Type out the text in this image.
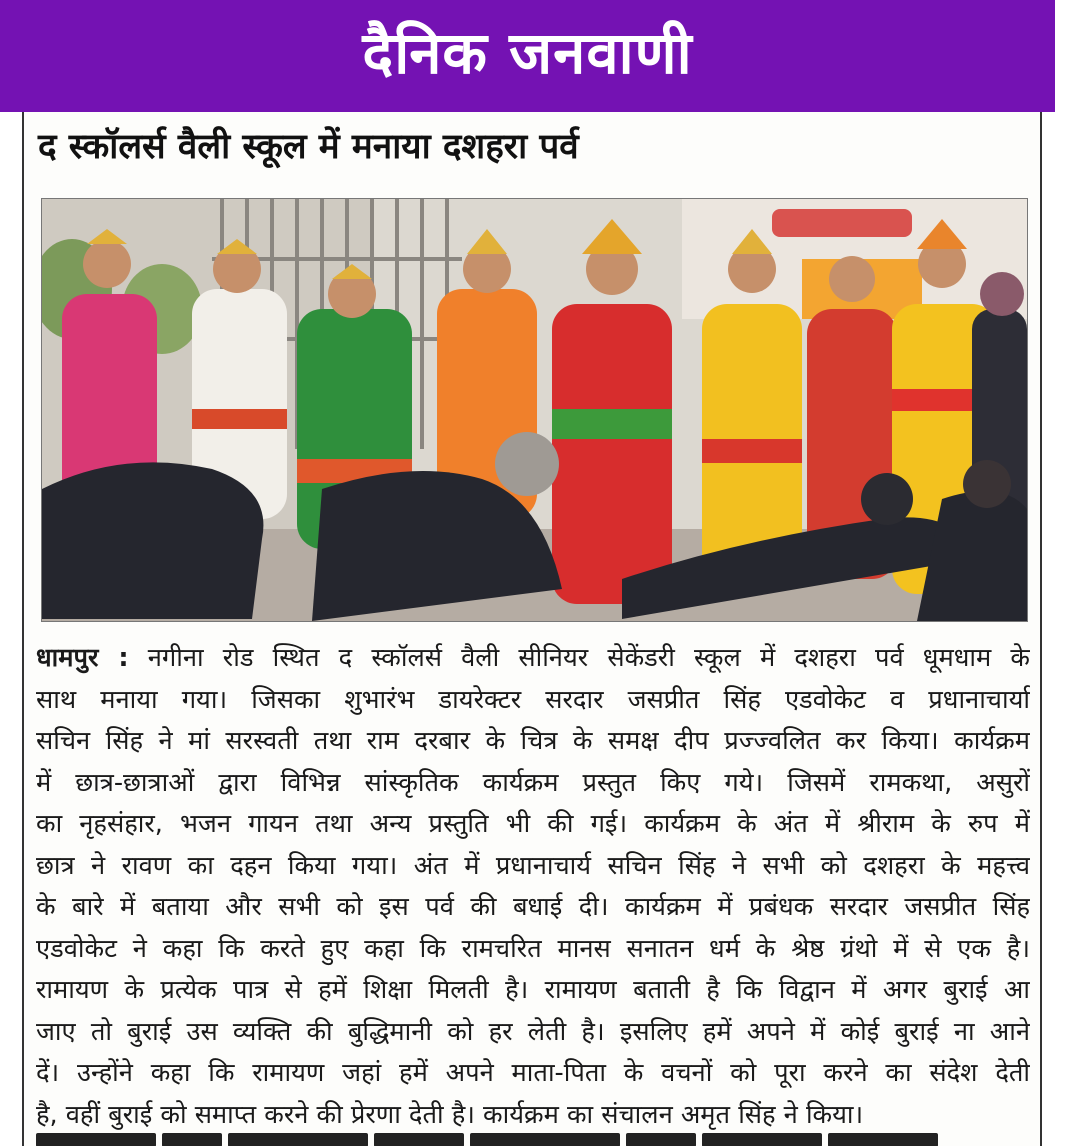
दैनिक जनवाणी
द स्कॉलर्स वैली स्कूल में मनाया दशहरा पर्व
धामपुर : नगीना रोड स्थित द स्कॉलर्स वैली सीनियर सेकेंडरी स्कूल में दशहरा पर्व धूमधाम के
साथ मनाया गया। जिसका शुभारंभ डायरेक्टर सरदार जसप्रीत सिंह एडवोकेट व प्रधानाचार्या
सचिन सिंह ने मां सरस्वती तथा राम दरबार के चित्र के समक्ष दीप प्रज्ज्वलित कर किया। कार्यक्रम
में छात्र-छात्राओं द्वारा विभिन्न सांस्कृतिक कार्यक्रम प्रस्तुत किए गये। जिसमें रामकथा, असुरों
का नृहसंहार, भजन गायन तथा अन्य प्रस्तुति भी की गई। कार्यक्रम के अंत में श्रीराम के रुप में
छात्र ने रावण का दहन किया गया। अंत में प्रधानाचार्य सचिन सिंह ने सभी को दशहरा के महत्त्व
के बारे में बताया और सभी को इस पर्व की बधाई दी। कार्यक्रम में प्रबंधक सरदार जसप्रीत सिंह
एडवोकेट ने कहा कि करते हुए कहा कि रामचरित मानस सनातन धर्म के श्रेष्ठ ग्रंथो में से एक है।
रामायण के प्रत्येक पात्र से हमें शिक्षा मिलती है। रामायण बताती है कि विद्वान में अगर बुराई आ
जाए तो बुराई उस व्यक्ति की बुद्धिमानी को हर लेती है। इसलिए हमें अपने में कोई बुराई ना आने
दें। उन्होंने कहा कि रामायण जहां हमें अपने माता-पिता के वचनों को पूरा करने का संदेश देती
है, वहीं बुराई को समाप्त करने की प्रेरणा देती है। कार्यक्रम का संचालन अमृत सिंह ने किया।
